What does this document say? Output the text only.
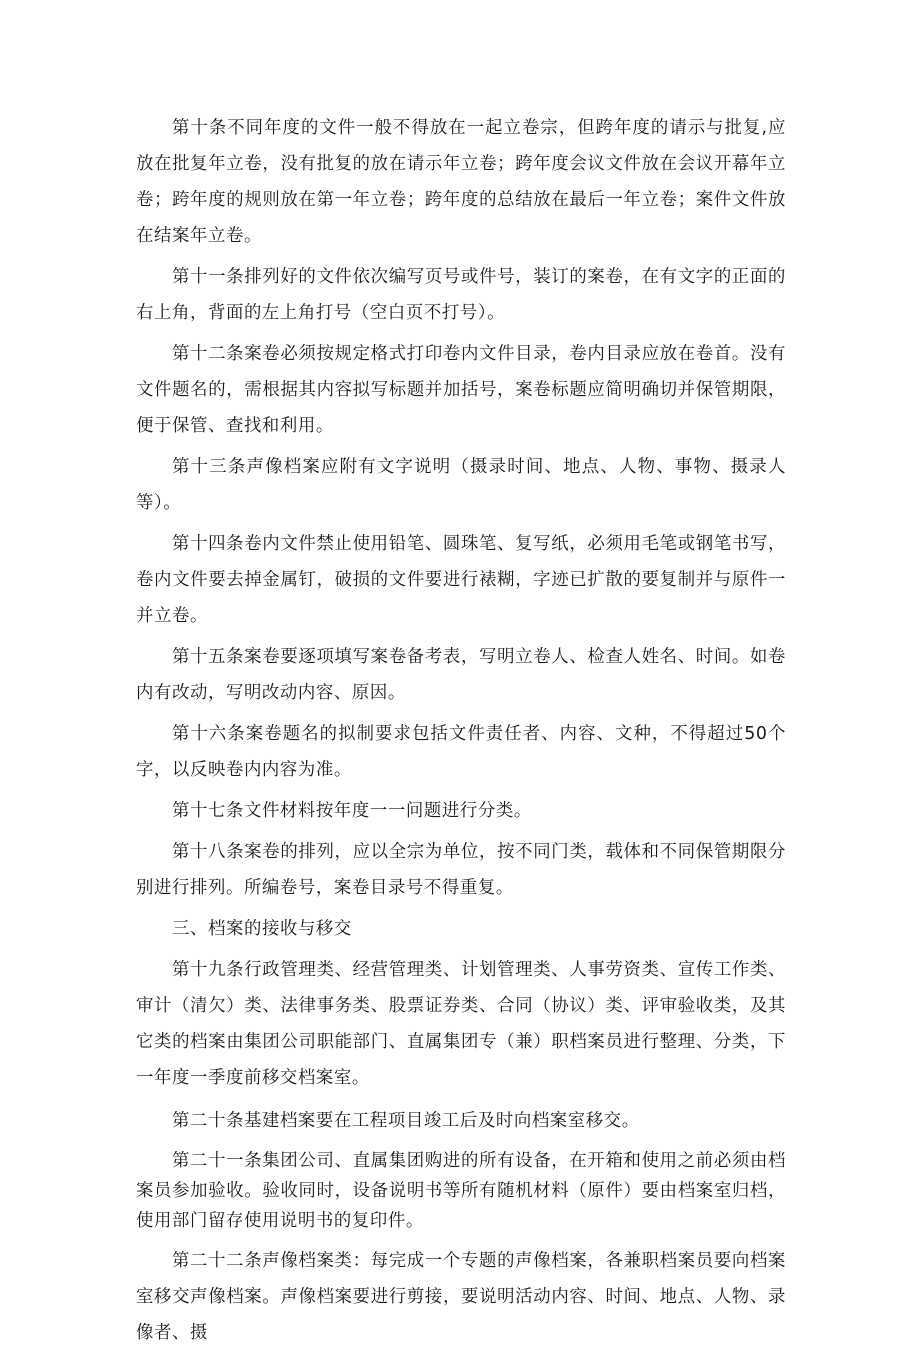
第十条不同年度的文件一般不得放在一起立卷宗，但跨年度的请示与批复,应放在批复年立卷，没有批复的放在请示年立卷；跨年度会议文件放在会议开幕年立卷；跨年度的规则放在第一年立卷；跨年度的总结放在最后一年立卷；案件文件放在结案年立卷。

第十一条排列好的文件依次编写页号或件号，装订的案卷，在有文字的正面的右上角，背面的左上角打号（空白页不打号）。

第十二条案卷必须按规定格式打印卷内文件目录，卷内目录应放在卷首。没有文件题名的，需根据其内容拟写标题并加括号，案卷标题应简明确切并保管期限，便于保管、查找和利用。

第十三条声像档案应附有文字说明（摄录时间、地点、人物、事物、摄录人等）。

第十四条卷内文件禁止使用铅笔、圆珠笔、复写纸，必须用毛笔或钢笔书写，卷内文件要去掉金属钉，破损的文件要进行裱糊，字迹已扩散的要复制并与原件一并立卷。

第十五条案卷要逐项填写案卷备考表，写明立卷人、检查人姓名、时间。如卷内有改动，写明改动内容、原因。

第十六条案卷题名的拟制要求包括文件责任者、内容、文种，不得超过50个字，以反映卷内内容为准。

第十七条文件材料按年度一一问题进行分类。

第十八条案卷的排列，应以全宗为单位，按不同门类，载体和不同保管期限分别进行排列。所编卷号，案卷目录号不得重复。

三、档案的接收与移交

第十九条行政管理类、经营管理类、计划管理类、人事劳资类、宣传工作类、审计（清欠）类、法律事务类、股票证券类、合同（协议）类、评审验收类，及其它类的档案由集团公司职能部门、直属集团专（兼）职档案员进行整理、分类，下一年度一季度前移交档案室。

第二十条基建档案要在工程项目竣工后及时向档案室移交。

第二十一条集团公司、直属集团购进的所有设备，在开箱和使用之前必须由档案员参加验收。验收同时，设备说明书等所有随机材料（原件）要由档案室归档，使用部门留存使用说明书的复印件。

第二十二条声像档案类：每完成一个专题的声像档案，各兼职档案员要向档案室移交声像档案。声像档案要进行剪接，要说明活动内容、时间、地点、人物、录像者、摄
